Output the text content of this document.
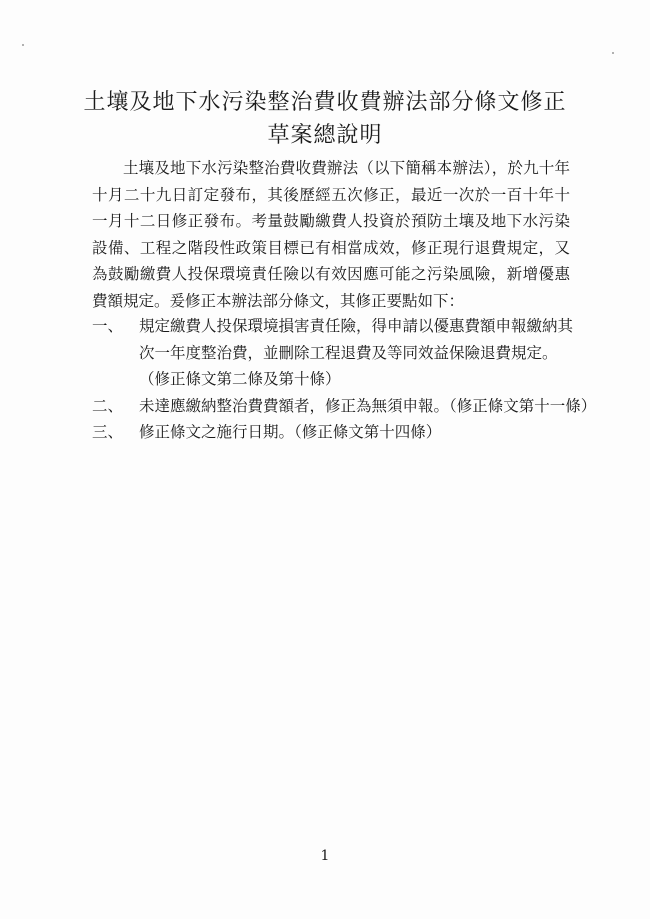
土壤及地下水污染整治費收費辦法部分條文修正
草案總說明

土壤及地下水污染整治費收費辦法（以下簡稱本辦法），於九十年十月二十九日訂定發布，其後歷經五次修正，最近一次於一百十年十一月十二日修正發布。考量鼓勵繳費人投資於預防土壤及地下水污染設備、工程之階段性政策目標已有相當成效，修正現行退費規定，又為鼓勵繳費人投保環境責任險以有效因應可能之污染風險，新增優惠費額規定。爰修正本辦法部分條文，其修正要點如下：

一、	規定繳費人投保環境損害責任險，得申請以優惠費額申報繳納其
次一年度整治費，並刪除工程退費及等同效益保險退費規定。
（修正條文第二條及第十條）
二、	未達應繳納整治費費額者，修正為無須申報。（修正條文第十一條）
三、	修正條文之施行日期。（修正條文第十四條）
1
